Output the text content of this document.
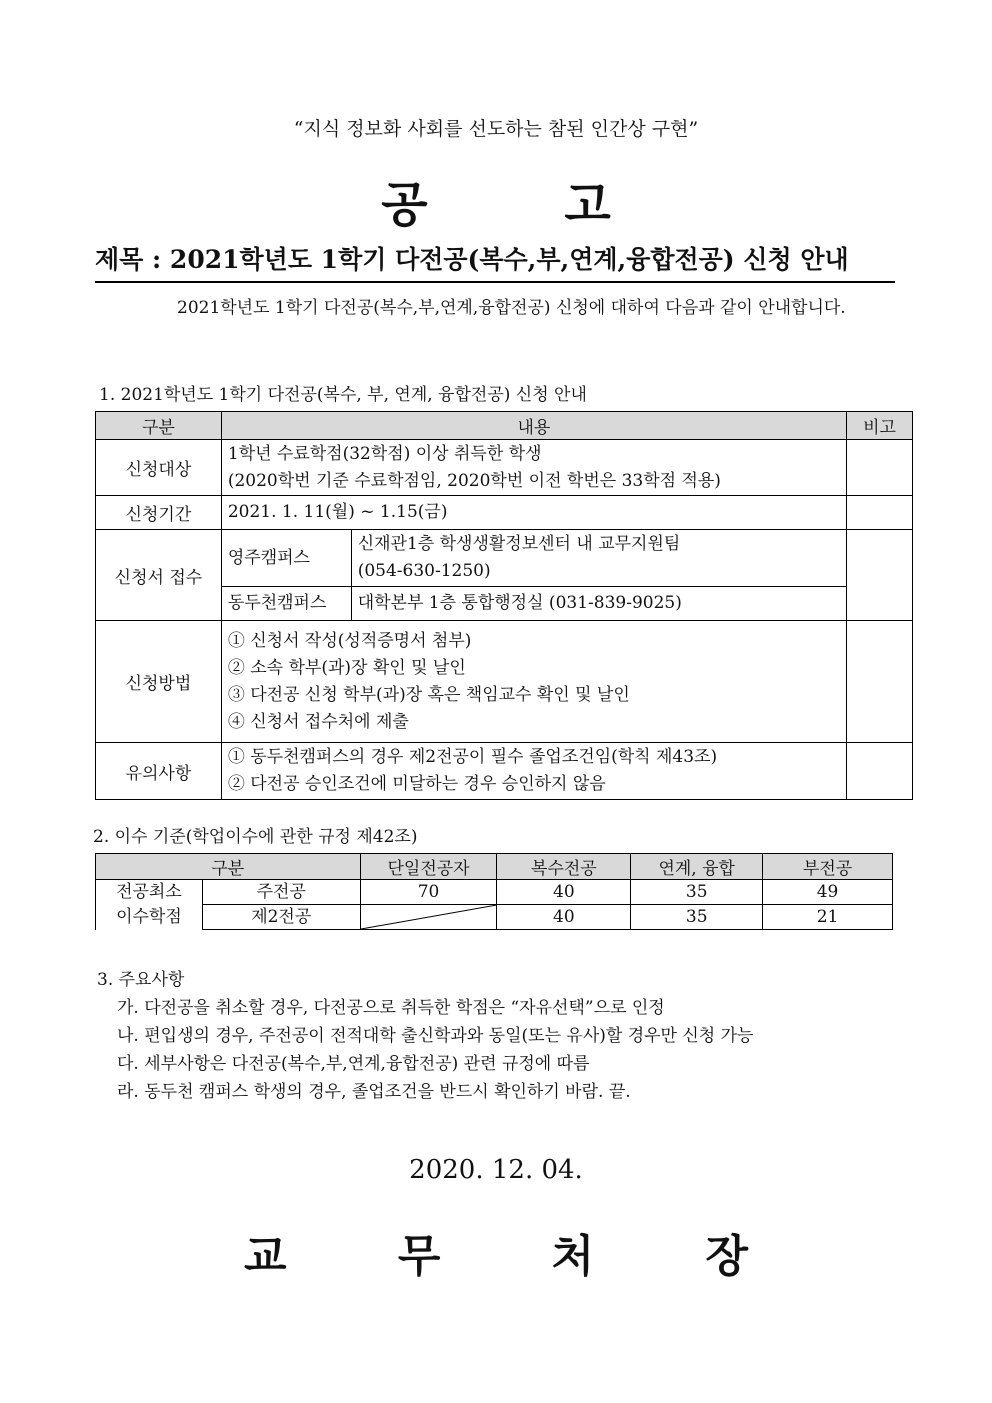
“지식 정보화 사회를 선도하는 참된 인간상 구현”
공 고
제목 : 2021학년도 1학기 다전공(복수,부,연계,융합전공) 신청 안내
2021학년도 1학기 다전공(복수,부,연계,융합전공) 신청에 대하여 다음과 같이 안내합니다.
1. 2021학년도 1학기 다전공(복수, 부, 연계, 융합전공) 신청 안내
구분	내용		비고
신청대상	1학년 수료학점(32학점) 이상 취득한 학생
(2020학번 기준 수료학점임, 2020학번 이전 학번은 33학점 적용)		

신청기간	2021. 1. 11(월) ~ 1.15(금)		
신청서 접수	영주캠퍼스	신재관1층 학생생활정보센터 내 교무지원팀
(054-630-1250)	

	동두천캠퍼스	대학본부 1층 통합행정실 (031-839-9025)	
신청방법	① 신청서 작성(성적증명서 첨부)
② 소속 학부(과)장 확인 및 날인
③ 다전공 신청 학부(과)장 혹은 책임교수 확인 및 날인
④ 신청서 접수처에 제출		

유의사항	① 동두천캠퍼스의 경우 제2전공이 필수 졸업조건임(학칙 제43조)
② 다전공 승인조건에 미달하는 경우 승인하지 않음		

2. 이수 기준(학업이수에 관한 규정 제42조)
구분		단일전공자	복수전공	연계, 융합	부전공
전공최소	주전공	70	40	35	49
이수학점	제2전공		40	35	21
3. 주요사항
가. 다전공을 취소할 경우, 다전공으로 취득한 학점은 “자유선택”으로 인정
나. 편입생의 경우, 주전공이 전적대학 출신학과와 동일(또는 유사)할 경우만 신청 가능
다. 세부사항은 다전공(복수,부,연계,융합전공) 관련 규정에 따름
라. 동두천 캠퍼스 학생의 경우, 졸업조건을 반드시 확인하기 바람. 끝.
2020. 12. 04.
교 무 처 장
